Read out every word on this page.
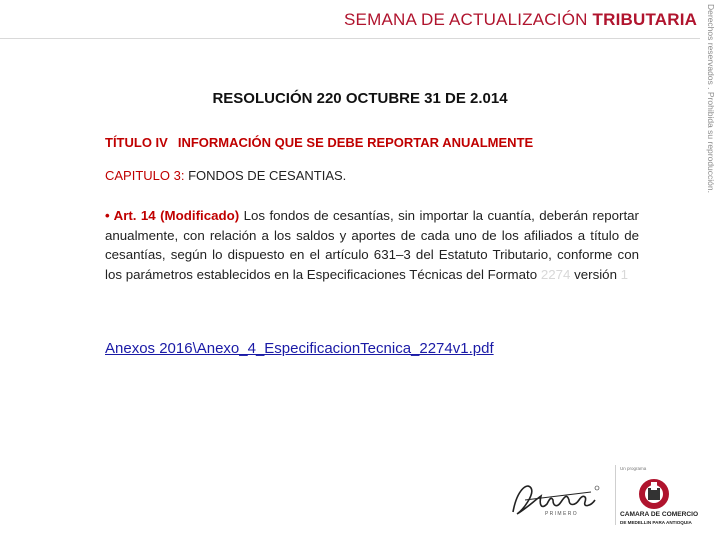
SEMANA DE ACTUALIZACIÓN TRIBUTARIA Derechos reservados . Prohibida su reproducción.
RESOLUCIÓN 220 OCTUBRE 31 DE 2.014
TÍTULO IV INFORMACIÓN QUE SE DEBE REPORTAR ANUALMENTE
CAPITULO 3: FONDOS DE CESANTIAS.
• Art. 14 (Modificado) Los fondos de cesantías, sin importar la cuantía, deberán reportar anualmente, con relación a los saldos y aportes de cada uno de los afiliados a título de cesantías, según lo dispuesto en el artículo 631–3 del Estatuto Tributario, conforme con los parámetros establecidos en la Especificaciones Técnicas del Formato 2274 versión 1
Anexos 2016\Anexo_4_EspecificacionTecnica_2274v1.pdf
P R I M E R O
Un programa
CAMARA DE COMERCIO
DE MEDELLIN PARA ANTIOQUIA
